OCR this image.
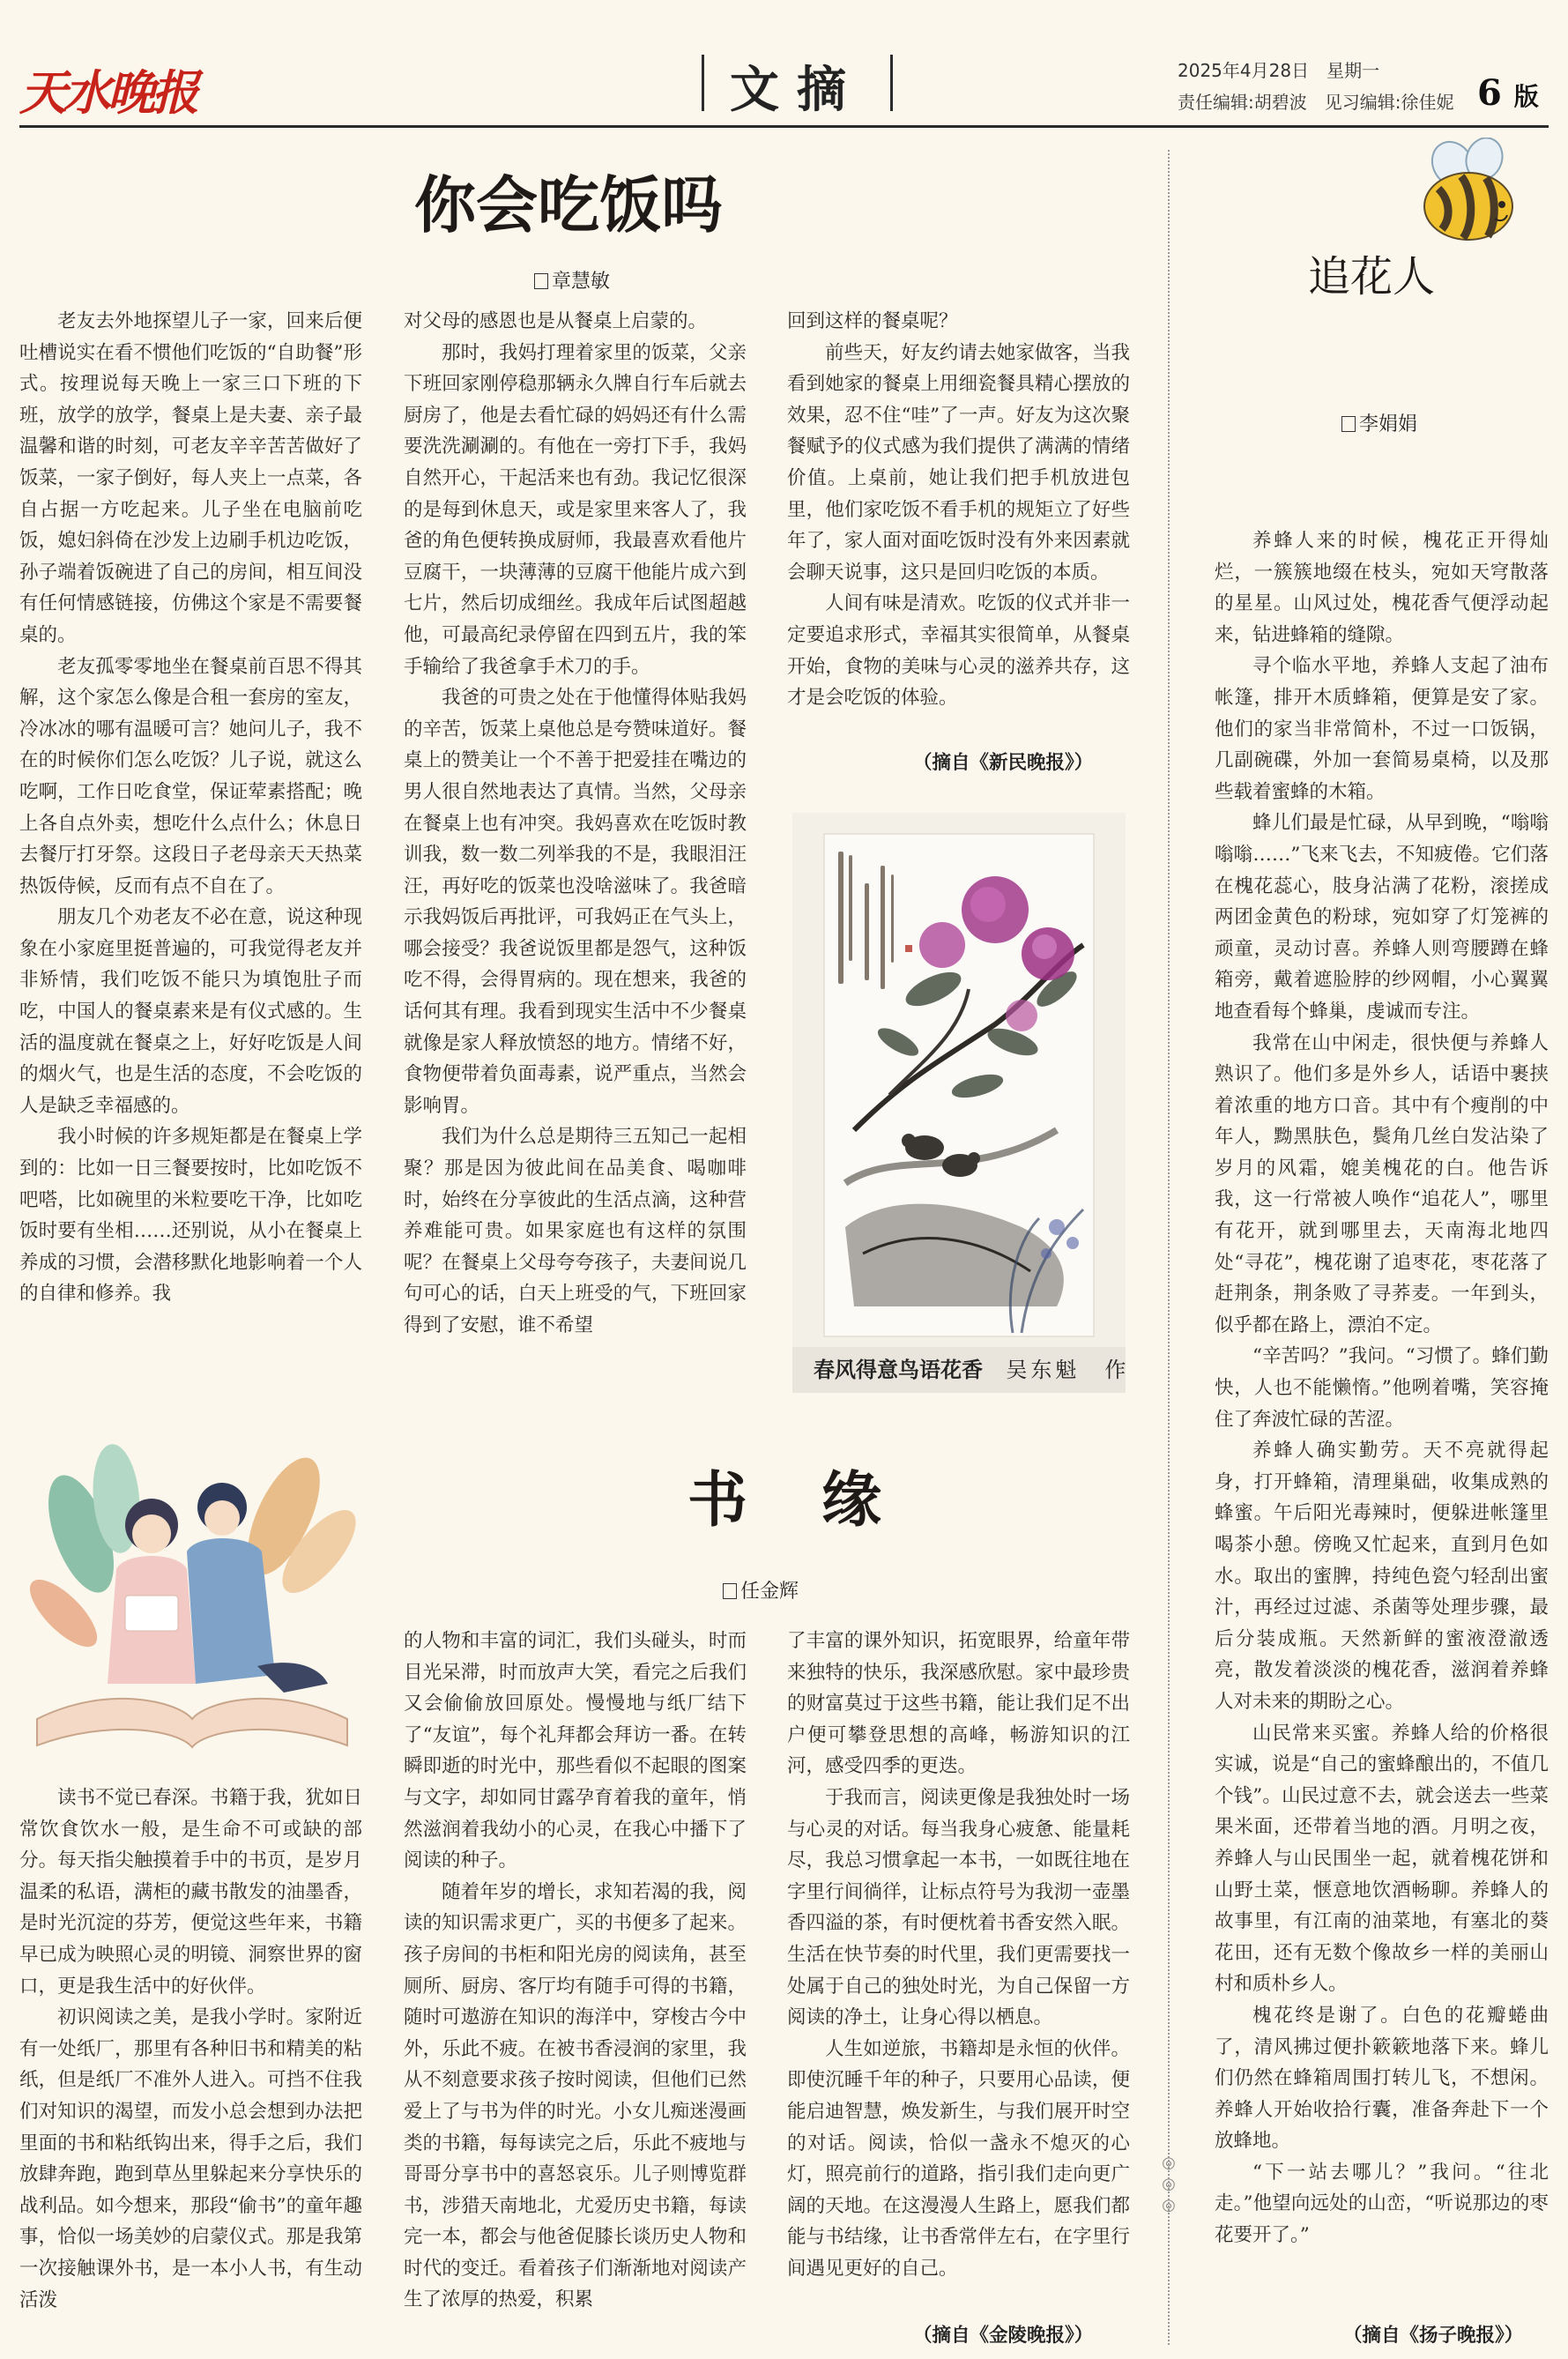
天水晚报	文摘	2025年4月28日　星期一
责任编辑:胡碧波　见习编辑:徐佳妮 6 版
你会吃饭吗
章慧敏

老友去外地探望儿子一家，回来后便吐槽说实在看不惯他们吃饭的“自助餐”形式。按理说每天晚上一家三口下班的下班，放学的放学，餐桌上是夫妻、亲子最温馨和谐的时刻，可老友辛辛苦苦做好了饭菜，一家子倒好，每人夹上一点菜，各自占据一方吃起来。儿子坐在电脑前吃饭，媳妇斜倚在沙发上边刷手机边吃饭，孙子端着饭碗进了自己的房间，相互间没有任何情感链接，仿佛这个家是不需要餐桌的。

老友孤零零地坐在餐桌前百思不得其解，这个家怎么像是合租一套房的室友，冷冰冰的哪有温暖可言？她问儿子，我不在的时候你们怎么吃饭？儿子说，就这么吃啊，工作日吃食堂，保证荤素搭配；晚上各自点外卖，想吃什么点什么；休息日去餐厅打牙祭。这段日子老母亲天天热菜热饭侍候，反而有点不自在了。

朋友几个劝老友不必在意，说这种现象在小家庭里挺普遍的，可我觉得老友并非矫情，我们吃饭不能只为填饱肚子而吃，中国人的餐桌素来是有仪式感的。生活的温度就在餐桌之上，好好吃饭是人间的烟火气，也是生活的态度，不会吃饭的人是缺乏幸福感的。

我小时候的许多规矩都是在餐桌上学到的：比如一日三餐要按时，比如吃饭不吧嗒，比如碗里的米粒要吃干净，比如吃饭时要有坐相……还别说，从小在餐桌上养成的习惯，会潜移默化地影响着一个人的自律和修养。我

对父母的感恩也是从餐桌上启蒙的。

那时，我妈打理着家里的饭菜，父亲下班回家刚停稳那辆永久牌自行车后就去厨房了，他是去看忙碌的妈妈还有什么需要洗洗涮涮的。有他在一旁打下手，我妈自然开心，干起活来也有劲。我记忆很深的是每到休息天，或是家里来客人了，我爸的角色便转换成厨师，我最喜欢看他片豆腐干，一块薄薄的豆腐干他能片成六到七片，然后切成细丝。我成年后试图超越他，可最高纪录停留在四到五片，我的笨手输给了我爸拿手术刀的手。

我爸的可贵之处在于他懂得体贴我妈的辛苦，饭菜上桌他总是夸赞味道好。餐桌上的赞美让一个不善于把爱挂在嘴边的男人很自然地表达了真情。当然，父母亲在餐桌上也有冲突。我妈喜欢在吃饭时教训我，数一数二列举我的不是，我眼泪汪汪，再好吃的饭菜也没啥滋味了。我爸暗示我妈饭后再批评，可我妈正在气头上，哪会接受？我爸说饭里都是怨气，这种饭吃不得，会得胃病的。现在想来，我爸的话何其有理。我看到现实生活中不少餐桌就像是家人释放愤怒的地方。情绪不好，食物便带着负面毒素，说严重点，当然会影响胃。

我们为什么总是期待三五知己一起相聚？那是因为彼此间在品美食、喝咖啡时，始终在分享彼此的生活点滴，这种营养难能可贵。如果家庭也有这样的氛围呢？在餐桌上父母夸夸孩子，夫妻间说几句可心的话，白天上班受的气，下班回家得到了安慰，谁不希望

回到这样的餐桌呢？

前些天，好友约请去她家做客，当我看到她家的餐桌上用细瓷餐具精心摆放的效果，忍不住“哇”了一声。好友为这次聚餐赋予的仪式感为我们提供了满满的情绪价值。上桌前，她让我们把手机放进包里，他们家吃饭不看手机的规矩立了好些年了，家人面对面吃饭时没有外来因素就会聊天说事，这只是回归吃饭的本质。

人间有味是清欢。吃饭的仪式并非一定要追求形式，幸福其实很简单，从餐桌开始，食物的美味与心灵的滋养共存，这才是会吃饭的体验。

（摘自《新民晚报》）
春风得意鸟语花香 吴东魁　作
书　缘
任金辉

读书不觉已春深。书籍于我，犹如日常饮食饮水一般，是生命不可或缺的部分。每天指尖触摸着手中的书页，是岁月温柔的私语，满柜的藏书散发的油墨香，是时光沉淀的芬芳，便觉这些年来，书籍早已成为映照心灵的明镜、洞察世界的窗口，更是我生活中的好伙伴。

初识阅读之美，是我小学时。家附近有一处纸厂，那里有各种旧书和精美的粘纸，但是纸厂不准外人进入。可挡不住我们对知识的渴望，而发小总会想到办法把里面的书和粘纸钩出来，得手之后，我们放肆奔跑，跑到草丛里躲起来分享快乐的战利品。如今想来，那段“偷书”的童年趣事，恰似一场美妙的启蒙仪式。那是我第一次接触课外书，是一本小人书，有生动活泼

的人物和丰富的词汇，我们头碰头，时而目光呆滞，时而放声大笑，看完之后我们又会偷偷放回原处。慢慢地与纸厂结下了“友谊”，每个礼拜都会拜访一番。在转瞬即逝的时光中，那些看似不起眼的图案与文字，却如同甘露孕育着我的童年，悄然滋润着我幼小的心灵，在我心中播下了阅读的种子。

随着年岁的增长，求知若渴的我，阅读的知识需求更广，买的书便多了起来。孩子房间的书柜和阳光房的阅读角，甚至厕所、厨房、客厅均有随手可得的书籍，随时可遨游在知识的海洋中，穿梭古今中外，乐此不疲。在被书香浸润的家里，我从不刻意要求孩子按时阅读，但他们已然爱上了与书为伴的时光。小女儿痴迷漫画类的书籍，每每读完之后，乐此不疲地与哥哥分享书中的喜怒哀乐。儿子则博览群书，涉猎天南地北，尤爱历史书籍，每读完一本，都会与他爸促膝长谈历史人物和时代的变迁。看着孩子们渐渐地对阅读产生了浓厚的热爱，积累

了丰富的课外知识，拓宽眼界，给童年带来独特的快乐，我深感欣慰。家中最珍贵的财富莫过于这些书籍，能让我们足不出户便可攀登思想的高峰，畅游知识的江河，感受四季的更迭。

于我而言，阅读更像是我独处时一场与心灵的对话。每当我身心疲惫、能量耗尽，我总习惯拿起一本书，一如既往地在字里行间徜徉，让标点符号为我沏一壶墨香四溢的茶，有时便枕着书香安然入眠。生活在快节奏的时代里，我们更需要找一处属于自己的独处时光，为自己保留一方阅读的净土，让身心得以栖息。

人生如逆旅，书籍却是永恒的伙伴。即使沉睡千年的种子，只要用心品读，便能启迪智慧，焕发新生，与我们展开时空的对话。阅读，恰似一盏永不熄灭的心灯，照亮前行的道路，指引我们走向更广阔的天地。在这漫漫人生路上，愿我们都能与书结缘，让书香常伴左右，在字里行间遇见更好的自己。

（摘自《金陵晚报》）
◎
◎
◎
追花人
李娟娟

养蜂人来的时候，槐花正开得灿烂，一簇簇地缀在枝头，宛如天穹散落的星星。山风过处，槐花香气便浮动起来，钻进蜂箱的缝隙。

寻个临水平地，养蜂人支起了油布帐篷，排开木质蜂箱，便算是安了家。他们的家当非常简朴，不过一口饭锅，几副碗碟，外加一套简易桌椅，以及那些载着蜜蜂的木箱。

蜂儿们最是忙碌，从早到晚，“嗡嗡嗡嗡……”飞来飞去，不知疲倦。它们落在槐花蕊心，肢身沾满了花粉，滚搓成两团金黄色的粉球，宛如穿了灯笼裤的顽童，灵动讨喜。养蜂人则弯腰蹲在蜂箱旁，戴着遮脸脖的纱网帽，小心翼翼地查看每个蜂巢，虔诚而专注。

我常在山中闲走，很快便与养蜂人熟识了。他们多是外乡人，话语中裹挟着浓重的地方口音。其中有个瘦削的中年人，黝黑肤色，鬓角几丝白发沾染了岁月的风霜，媲美槐花的白。他告诉我，这一行常被人唤作“追花人”，哪里有花开，就到哪里去，天南海北地四处“寻花”，槐花谢了追枣花，枣花落了赶荆条，荆条败了寻荞麦。一年到头，似乎都在路上，漂泊不定。

“辛苦吗？”我问。“习惯了。蜂们勤快，人也不能懒惰。”他咧着嘴，笑容掩住了奔波忙碌的苦涩。

养蜂人确实勤劳。天不亮就得起身，打开蜂箱，清理巢础，收集成熟的蜂蜜。午后阳光毒辣时，便躲进帐篷里喝茶小憩。傍晚又忙起来，直到月色如水。取出的蜜脾，持纯色瓷勺轻刮出蜜汁，再经过过滤、杀菌等处理步骤，最后分装成瓶。天然新鲜的蜜液澄澈透亮，散发着淡淡的槐花香，滋润着养蜂人对未来的期盼之心。

山民常来买蜜。养蜂人给的价格很实诚，说是“自己的蜜蜂酿出的，不值几个钱”。山民过意不去，就会送去一些菜果米面，还带着当地的酒。月明之夜，养蜂人与山民围坐一起，就着槐花饼和山野土菜，惬意地饮酒畅聊。养蜂人的故事里，有江南的油菜地，有塞北的葵花田，还有无数个像故乡一样的美丽山村和质朴乡人。

槐花终是谢了。白色的花瓣蜷曲了，清风拂过便扑簌簌地落下来。蜂儿们仍然在蜂箱周围打转儿飞，不想闲。养蜂人开始收拾行囊，准备奔赴下一个放蜂地。

“下一站去哪儿？”我问。“往北走。”他望向远处的山峦，“听说那边的枣花要开了。”

（摘自《扬子晚报》）
